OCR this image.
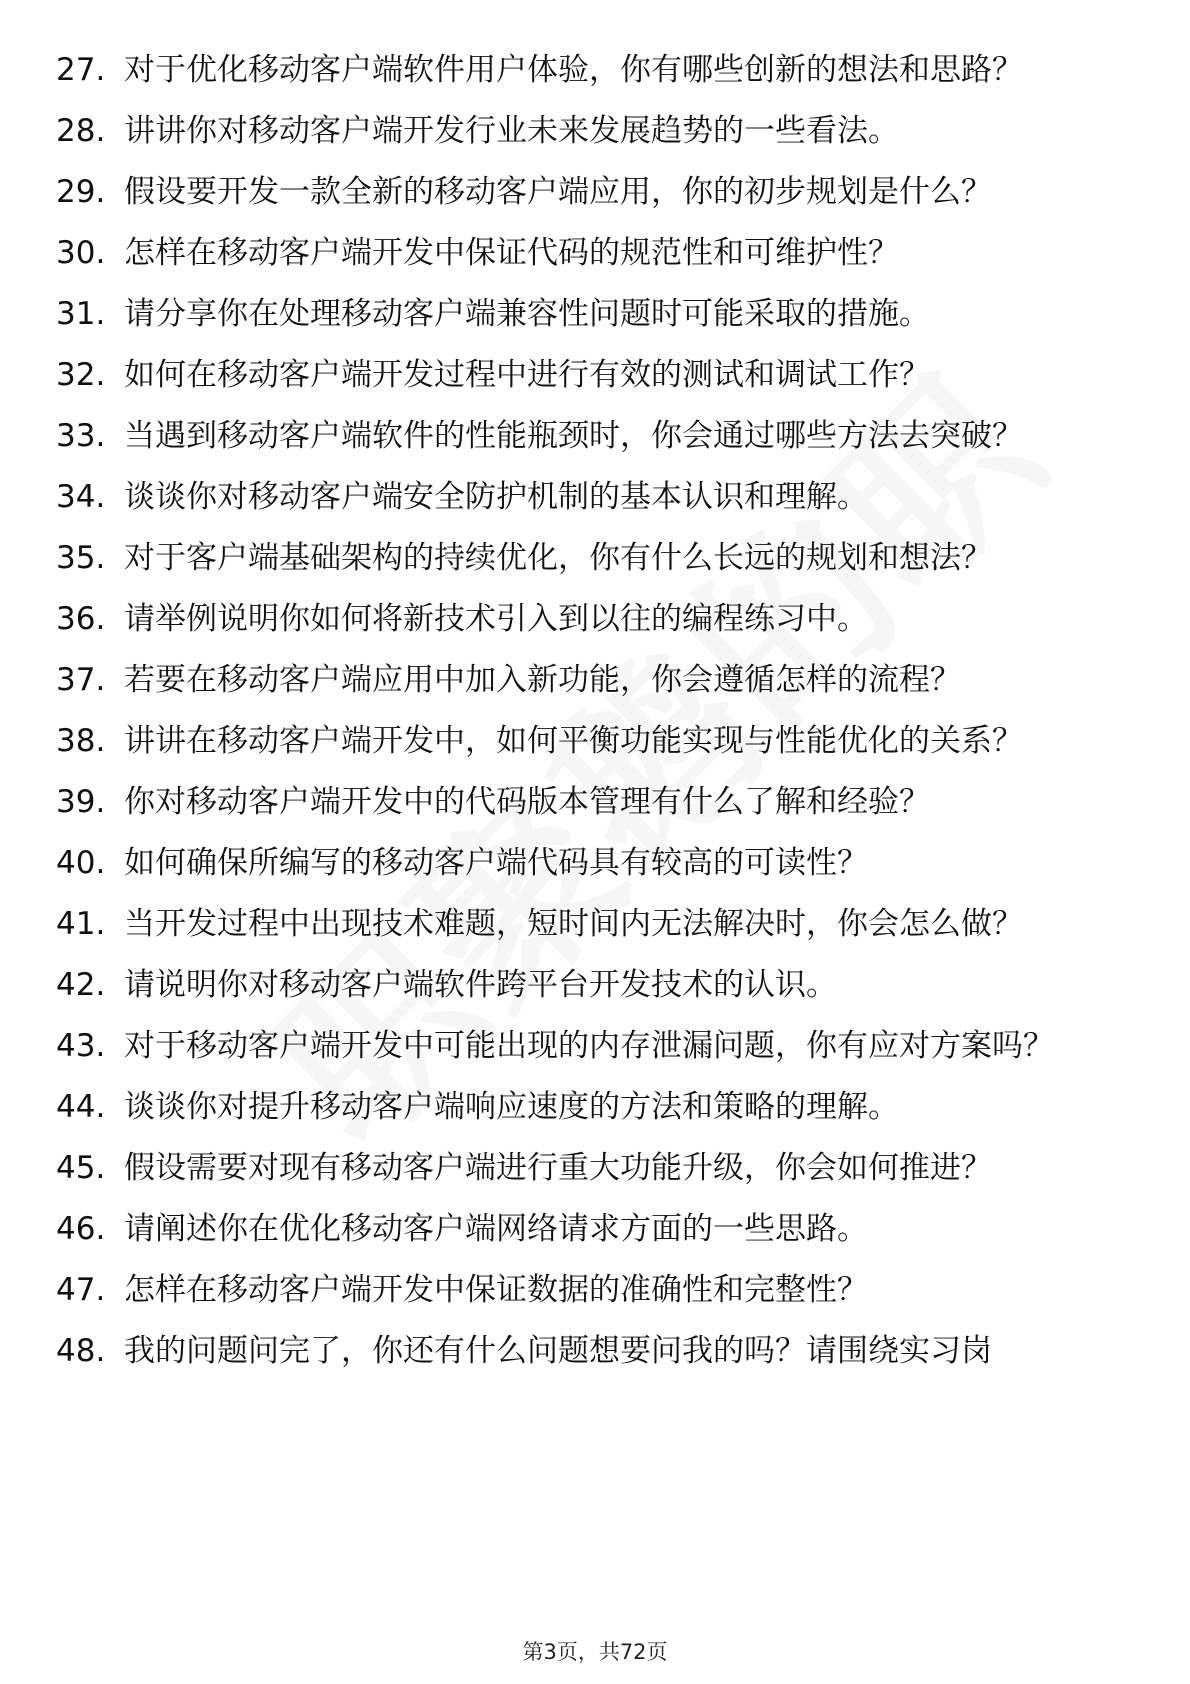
27. 对于优化移动客户端软件用户体验，你有哪些创新的想法和思路？
28. 讲讲你对移动客户端开发行业未来发展趋势的一些看法。
29. 假设要开发一款全新的移动客户端应用，你的初步规划是什么？
30. 怎样在移动客户端开发中保证代码的规范性和可维护性？
31. 请分享你在处理移动客户端兼容性问题时可能采取的措施。
32. 如何在移动客户端开发过程中进行有效的测试和调试工作？
33. 当遇到移动客户端软件的性能瓶颈时，你会通过哪些方法去突破？
34. 谈谈你对移动客户端安全防护机制的基本认识和理解。
35. 对于客户端基础架构的持续优化，你有什么长远的规划和想法？
36. 请举例说明你如何将新技术引入到以往的编程练习中。
37. 若要在移动客户端应用中加入新功能，你会遵循怎样的流程？
38. 讲讲在移动客户端开发中，如何平衡功能实现与性能优化的关系？
39. 你对移动客户端开发中的代码版本管理有什么了解和经验？
40. 如何确保所编写的移动客户端代码具有较高的可读性？
41. 当开发过程中出现技术难题，短时间内无法解决时，你会怎么做？
42. 请说明你对移动客户端软件跨平台开发技术的认识。
43. 对于移动客户端开发中可能出现的内存泄漏问题，你有应对方案吗？
44. 谈谈你对提升移动客户端响应速度的方法和策略的理解。
45. 假设需要对现有移动客户端进行重大功能升级，你会如何推进？
46. 请阐述你在优化移动客户端网络请求方面的一些思路。
47. 怎样在移动客户端开发中保证数据的准确性和完整性？
48. 我的问题问完了，你还有什么问题想要问我的吗？请围绕实习岗
第3页，共72页
